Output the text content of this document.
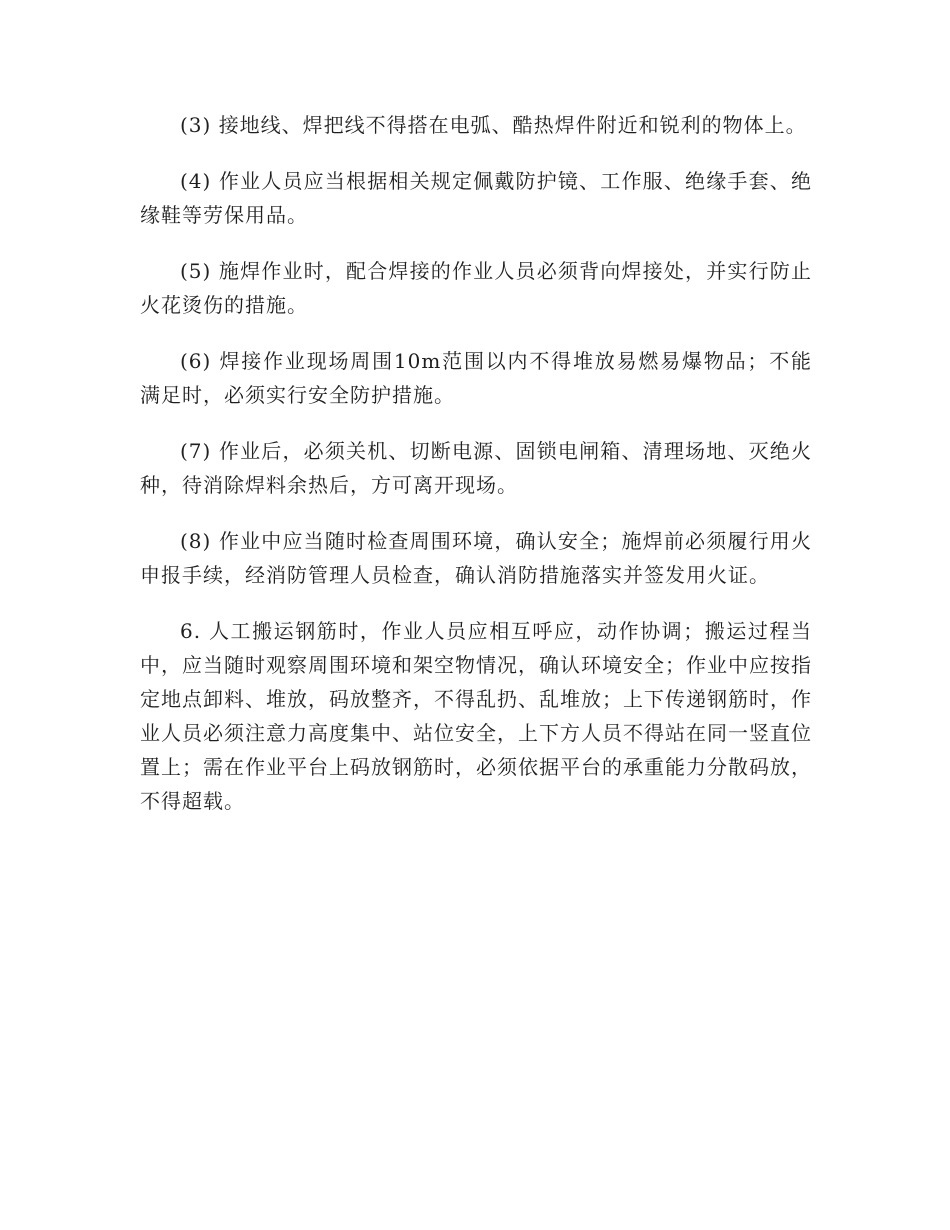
(3) 接地线、焊把线不得搭在电弧、酷热焊件附近和锐利的物体上。

(4) 作业人员应当根据相关规定佩戴防护镜、工作服、绝缘手套、绝缘鞋等劳保用品。

(5) 施焊作业时，配合焊接的作业人员必须背向焊接处，并实行防止火花烫伤的措施。

(6) 焊接作业现场周围10m范围以内不得堆放易燃易爆物品；不能满足时，必须实行安全防护措施。

(7) 作业后，必须关机、切断电源、固锁电闸箱、清理场地、灭绝火种，待消除焊料余热后，方可离开现场。

(8) 作业中应当随时检查周围环境，确认安全；施焊前必须履行用火申报手续，经消防管理人员检查，确认消防措施落实并签发用火证。

6. 人工搬运钢筋时，作业人员应相互呼应，动作协调；搬运过程当中，应当随时观察周围环境和架空物情况，确认环境安全；作业中应按指定地点卸料、堆放，码放整齐，不得乱扔、乱堆放；上下传递钢筋时，作业人员必须注意力高度集中、站位安全，上下方人员不得站在同一竖直位置上；需在作业平台上码放钢筋时，必须依据平台的承重能力分散码放，不得超载。
